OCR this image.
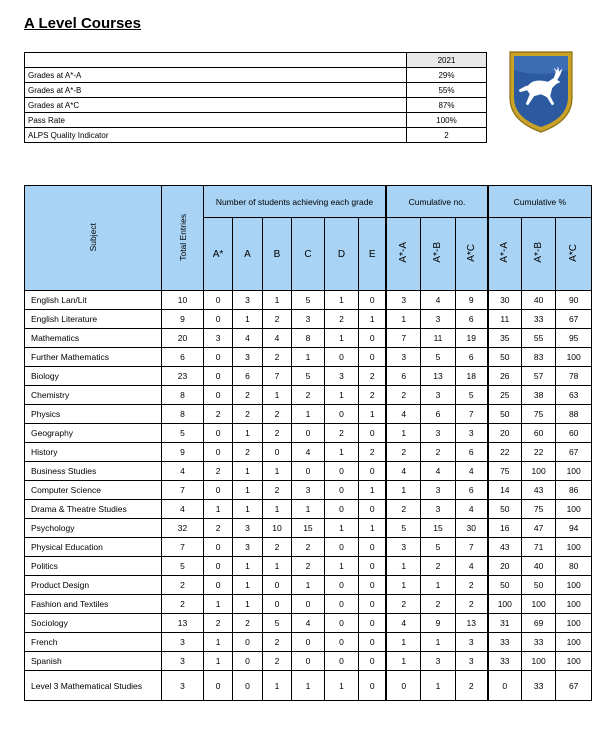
A Level Courses
	2021
Grades at A*-A	29%
Grades at A*-B	55%
Grades at A*C	87%
Pass Rate	100%
ALPS Quality Indicator	2
Subject	Total Entries	Number of students achieving each grade						Cumulative no.			Cumulative %		
		A*	A	B	C	D	E	A*-A	A*-B	A*C	A*-A	A*-B	A*C
English Lan/Lit	10	0	3	1	5	1	0	3	4	9	30	40	90
English Literature	9	0	1	2	3	2	1	1	3	6	11	33	67
Mathematics	20	3	4	4	8	1	0	7	11	19	35	55	95
Further Mathematics	6	0	3	2	1	0	0	3	5	6	50	83	100
Biology	23	0	6	7	5	3	2	6	13	18	26	57	78
Chemistry	8	0	2	1	2	1	2	2	3	5	25	38	63
Physics	8	2	2	2	1	0	1	4	6	7	50	75	88
Geography	5	0	1	2	0	2	0	1	3	3	20	60	60
History	9	0	2	0	4	1	2	2	2	6	22	22	67
Business Studies	4	2	1	1	0	0	0	4	4	4	75	100	100
Computer Science	7	0	1	2	3	0	1	1	3	6	14	43	86
Drama & Theatre Studies	4	1	1	1	1	0	0	2	3	4	50	75	100
Psychology	32	2	3	10	15	1	1	5	15	30	16	47	94
Physical Education	7	0	3	2	2	0	0	3	5	7	43	71	100
Politics	5	0	1	1	2	1	0	1	2	4	20	40	80
Product Design	2	0	1	0	1	0	0	1	1	2	50	50	100
Fashion and Textiles	2	1	1	0	0	0	0	2	2	2	100	100	100
Sociology	13	2	2	5	4	0	0	4	9	13	31	69	100
French	3	1	0	2	0	0	0	1	1	3	33	33	100
Spanish	3	1	0	2	0	0	0	1	3	3	33	100	100
Level 3 Mathematical Studies	3	0	0	1	1	1	0	0	1	2	0	33	67
